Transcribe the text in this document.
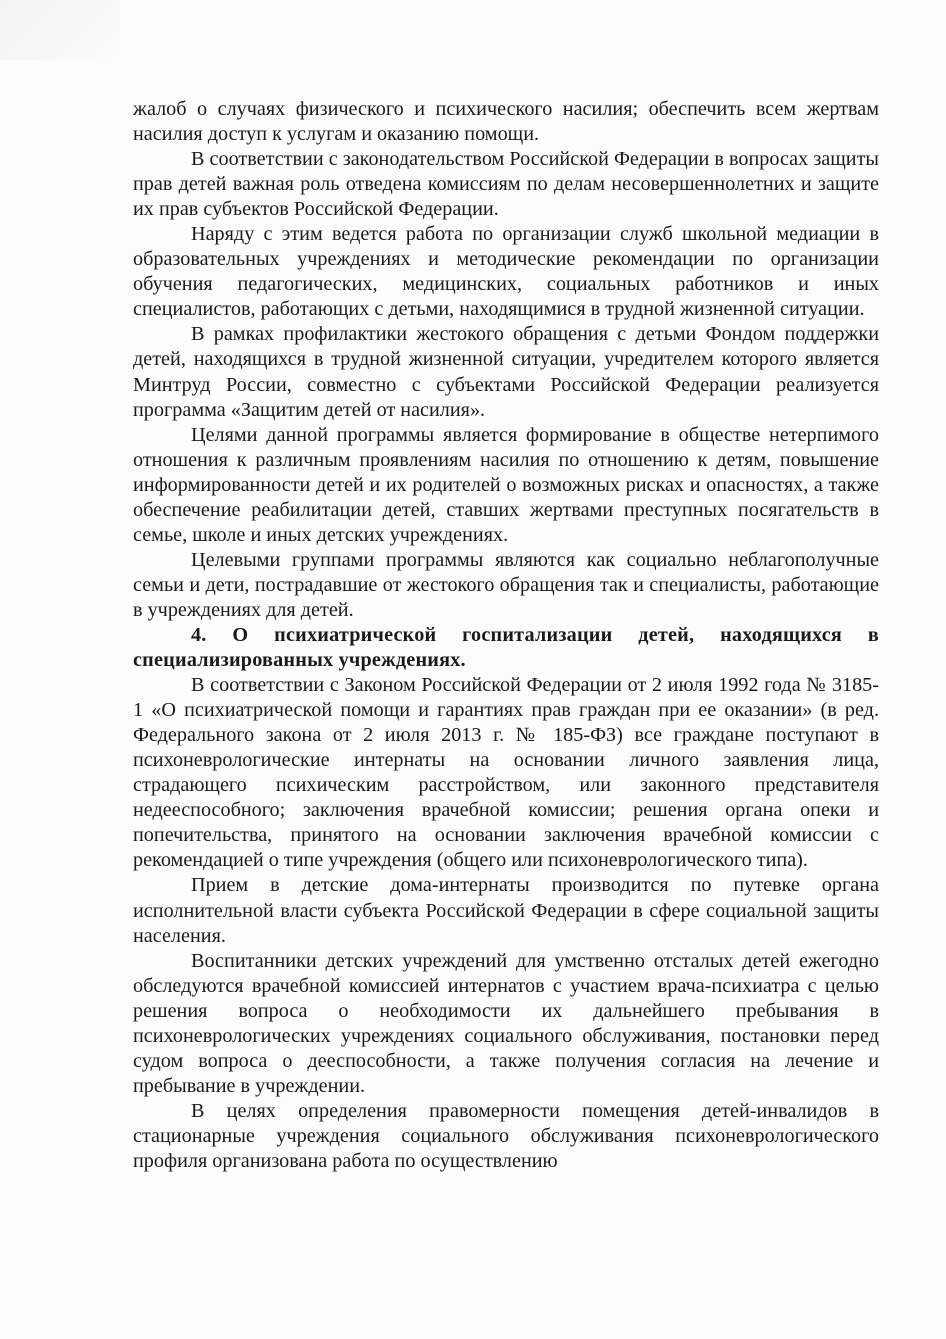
жалоб о случаях физического и психического насилия; обеспечить всем жертвам насилия доступ к услугам и оказанию помощи.

В соответствии с законодательством Российской Федерации в вопросах защиты прав детей важная роль отведена комиссиям по делам несовершеннолетних и защите их прав субъектов Российской Федерации.

Наряду с этим ведется работа по организации служб школьной медиации в образовательных учреждениях и методические рекомендации по организации обучения педагогических, медицинских, социальных работников и иных специалистов, работающих с детьми, находящимися в трудной жизненной ситуации.

В рамках профилактики жестокого обращения с детьми Фондом поддержки детей, находящихся в трудной жизненной ситуации, учредителем которого является Минтруд России, совместно с субъектами Российской Федерации реализуется программа «Защитим детей от насилия».

Целями данной программы является формирование в обществе нетерпимого отношения к различным проявлениям насилия по отношению к детям, повышение информированности детей и их родителей о возможных рисках и опасностях, а также обеспечение реабилитации детей, ставших жертвами преступных посягательств в семье, школе и иных детских учреждениях.

Целевыми группами программы являются как социально неблагополучные семьи и дети, пострадавшие от жестокого обращения так и специалисты, работающие в учреждениях для детей.

4. О психиатрической госпитализации детей, находящихся в специализированных учреждениях.

В соответствии с Законом Российской Федерации от 2 июля 1992 года № 3185-1 «О психиатрической помощи и гарантиях прав граждан при ее оказании» (в ред. Федерального закона от 2 июля 2013 г. № 185-ФЗ) все граждане поступают в психоневрологические интернаты на основании личного заявления лица, страдающего психическим расстройством, или законного представителя недееспособного; заключения врачебной комиссии; решения органа опеки и попечительства, принятого на основании заключения врачебной комиссии с рекомендацией о типе учреждения (общего или психоневрологического типа).

Прием в детские дома-интернаты производится по путевке органа исполнительной власти субъекта Российской Федерации в сфере социальной защиты населения.

Воспитанники детских учреждений для умственно отсталых детей ежегодно обследуются врачебной комиссией интернатов с участием врача-психиатра с целью решения вопроса о необходимости их дальнейшего пребывания в психоневрологических учреждениях социального обслуживания, постановки перед судом вопроса о дееспособности, а также получения согласия на лечение и пребывание в учреждении.

В целях определения правомерности помещения детей-инвалидов в стационарные учреждения социального обслуживания психоневрологического профиля организована работа по осуществлению
